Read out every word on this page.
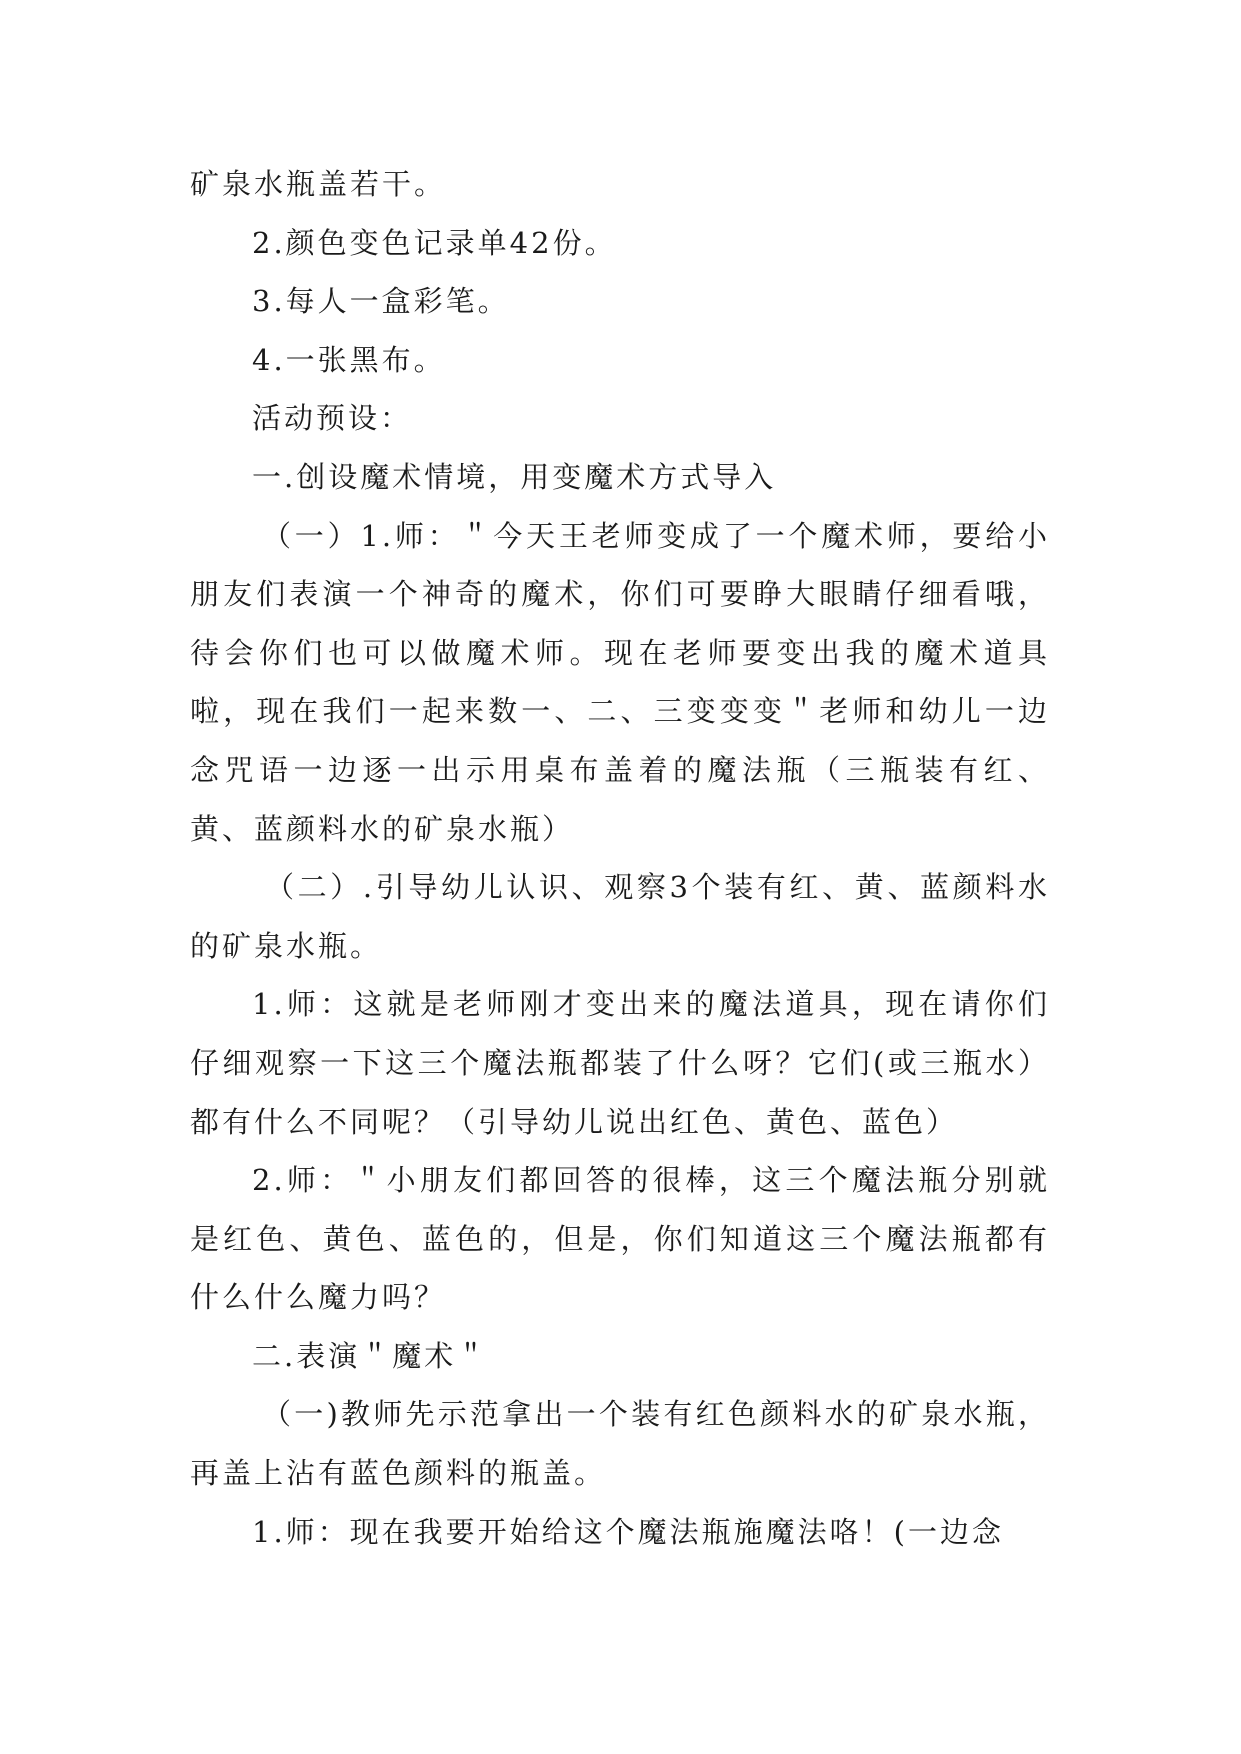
矿泉水瓶盖若干。

2.颜色变色记录单42份。

3.每人一盒彩笔。

4.一张黑布。

活动预设：

一.创设魔术情境，用变魔术方式导入

（一）1.师：＂今天王老师变成了一个魔术师，要给小朋友们表演一个神奇的魔术，你们可要睁大眼睛仔细看哦，待会你们也可以做魔术师。现在老师要变出我的魔术道具啦，现在我们一起来数一、二、三变变变＂老师和幼儿一边念咒语一边逐一出示用桌布盖着的魔法瓶（三瓶装有红、黄、蓝颜料水的矿泉水瓶）

（二）.引导幼儿认识、观察3个装有红、黄、蓝颜料水的矿泉水瓶。

1.师：这就是老师刚才变出来的魔法道具，现在请你们仔细观察一下这三个魔法瓶都装了什么呀？它们(或三瓶水）都有什么不同呢？（引导幼儿说出红色、黄色、蓝色）

2.师：＂小朋友们都回答的很棒，这三个魔法瓶分别就是红色、黄色、蓝色的，但是，你们知道这三个魔法瓶都有什么什么魔力吗？

二.表演＂魔术＂

（一)教师先示范拿出一个装有红色颜料水的矿泉水瓶，再盖上沾有蓝色颜料的瓶盖。

1.师：现在我要开始给这个魔法瓶施魔法咯！(一边念
